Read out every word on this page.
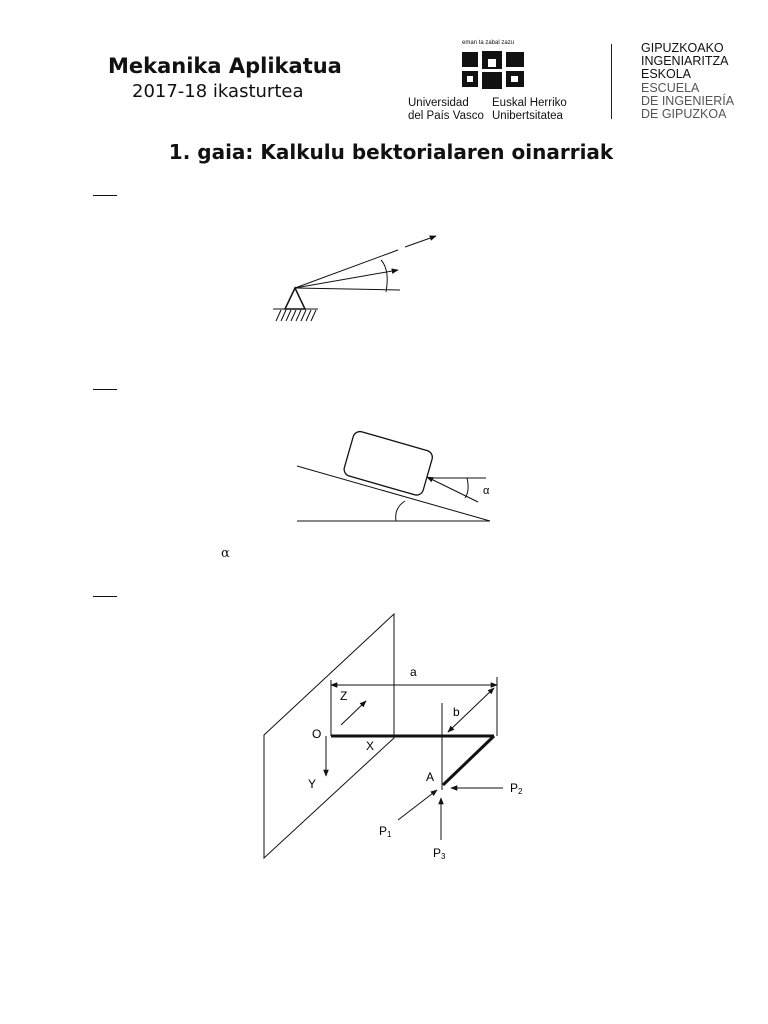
Mekanika Aplikatua
2017-18 ikasturtea
eman ta zabal zazu
Universidad
del País Vasco
Euskal Herriko
Unibertsitatea
GIPUZKOAKO
INGENIARITZA
ESKOLA
ESCUELA
DE INGENIERÍA
DE GIPUZKOA
1. gaia: Kalkulu bektorialaren oinarriak
α
α
a
b
Z
O
X
Y	A
P1
P2
P3
